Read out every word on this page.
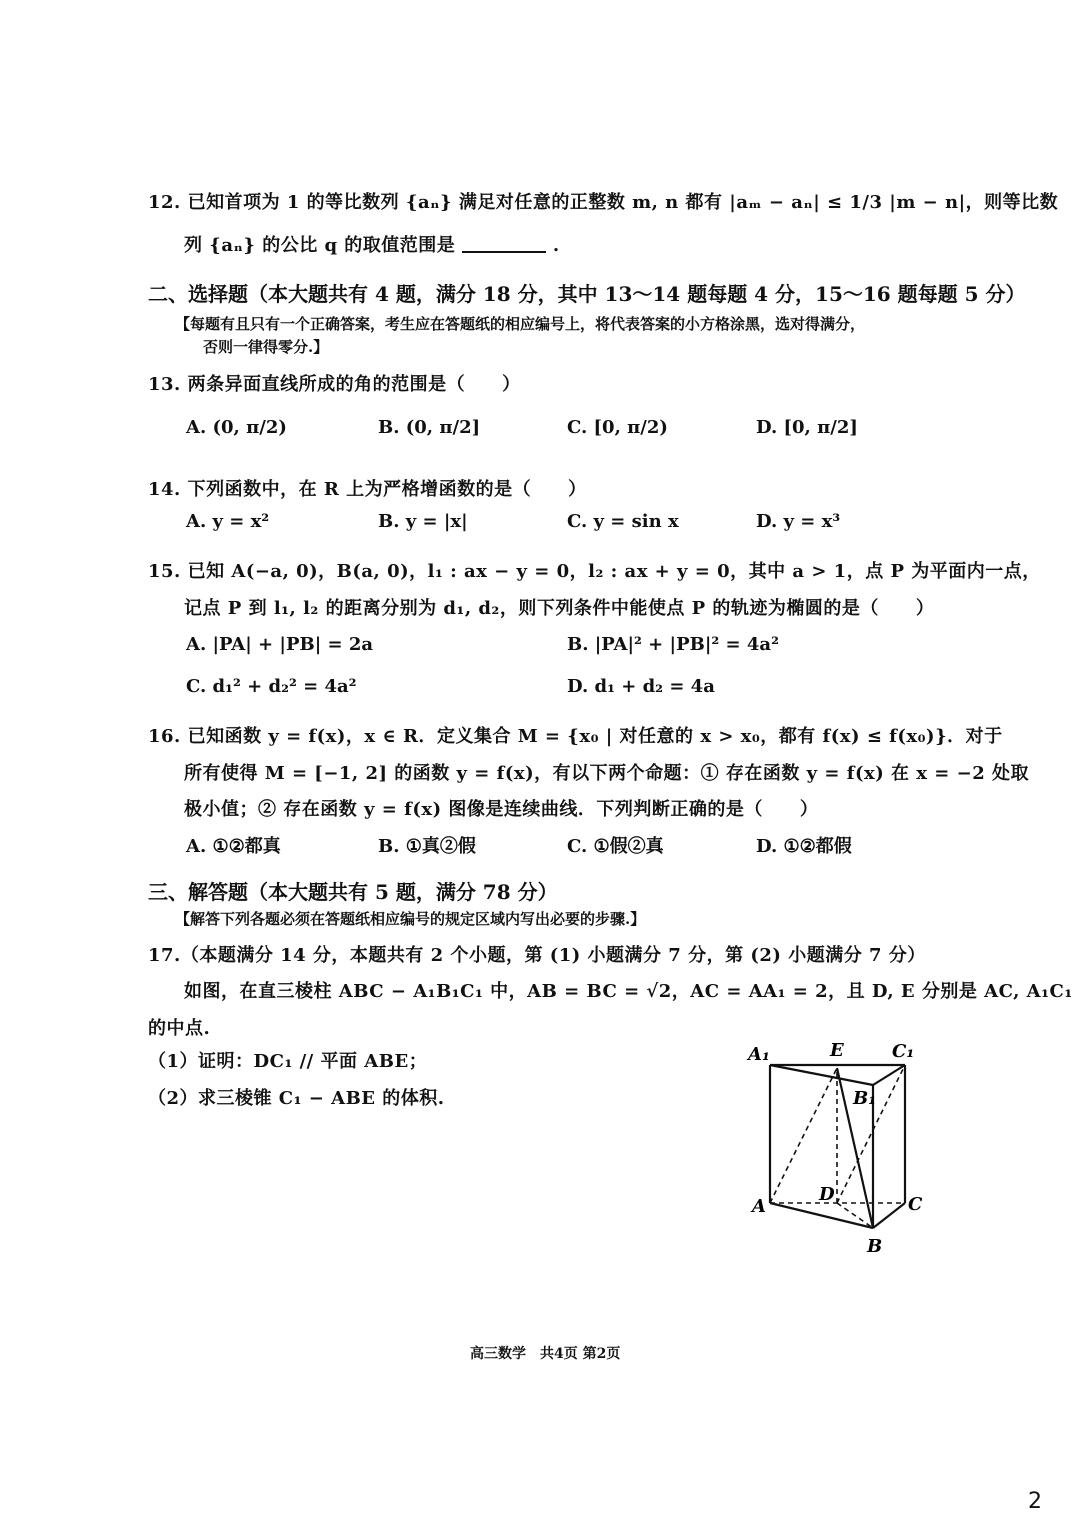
12. 已知首项为 1 的等比数列 {aₙ} 满足对任意的正整数 m, n 都有 |aₘ − aₙ| ≤ 1/3 |m − n|，则等比数
列 {aₙ} 的公比 q 的取值范围是	.
二、选择题（本大题共有 4 题，满分 18 分，其中 13～14 题每题 4 分，15～16 题每题 5 分）
【每题有且只有一个正确答案，考生应在答题纸的相应编号上，将代表答案的小方格涂黑，选对得满分，
否则一律得零分.】
13. 两条异面直线所成的角的范围是（　　）
A. (0, π/2)	B. (0, π/2]	C. [0, π/2)	D. [0, π/2]
14. 下列函数中，在 R 上为严格增函数的是（　　）
A. y = x²	B. y = |x|	C. y = sin x	D. y = x³
15. 已知 A(−a, 0)，B(a, 0)，l₁ : ax − y = 0，l₂ : ax + y = 0，其中 a > 1，点 P 为平面内一点，
记点 P 到 l₁, l₂ 的距离分别为 d₁, d₂，则下列条件中能使点 P 的轨迹为椭圆的是（　　）
A. |PA| + |PB| = 2a	B. |PA|² + |PB|² = 4a²
C. d₁² + d₂² = 4a²	D. d₁ + d₂ = 4a
16. 已知函数 y = f(x)，x ∈ R．定义集合 M = {x₀ | 对任意的 x > x₀，都有 f(x) ≤ f(x₀)}．对于
所有使得 M = [−1, 2] 的函数 y = f(x)，有以下两个命题：① 存在函数 y = f(x) 在 x = −2 处取
极小值；② 存在函数 y = f(x) 图像是连续曲线．下列判断正确的是（　　）
A. ①②都真	B. ①真②假	C. ①假②真	D. ①②都假
三、解答题（本大题共有 5 题，满分 78 分）
【解答下列各题必须在答题纸相应编号的规定区域内写出必要的步骤.】
17.（本题满分 14 分，本题共有 2 个小题，第 (1) 小题满分 7 分，第 (2) 小题满分 7 分）
如图，在直三棱柱 ABC − A₁B₁C₁ 中，AB = BC = √2，AC = AA₁ = 2，且 D, E 分别是 AC, A₁C₁
的中点.
（1）证明：DC₁ // 平面 ABE；
（2）求三棱锥 C₁ − ABE 的体积.
A₁	E	C₁
B₁
D
A	C
B
高三数学　共4页 第2页
2
